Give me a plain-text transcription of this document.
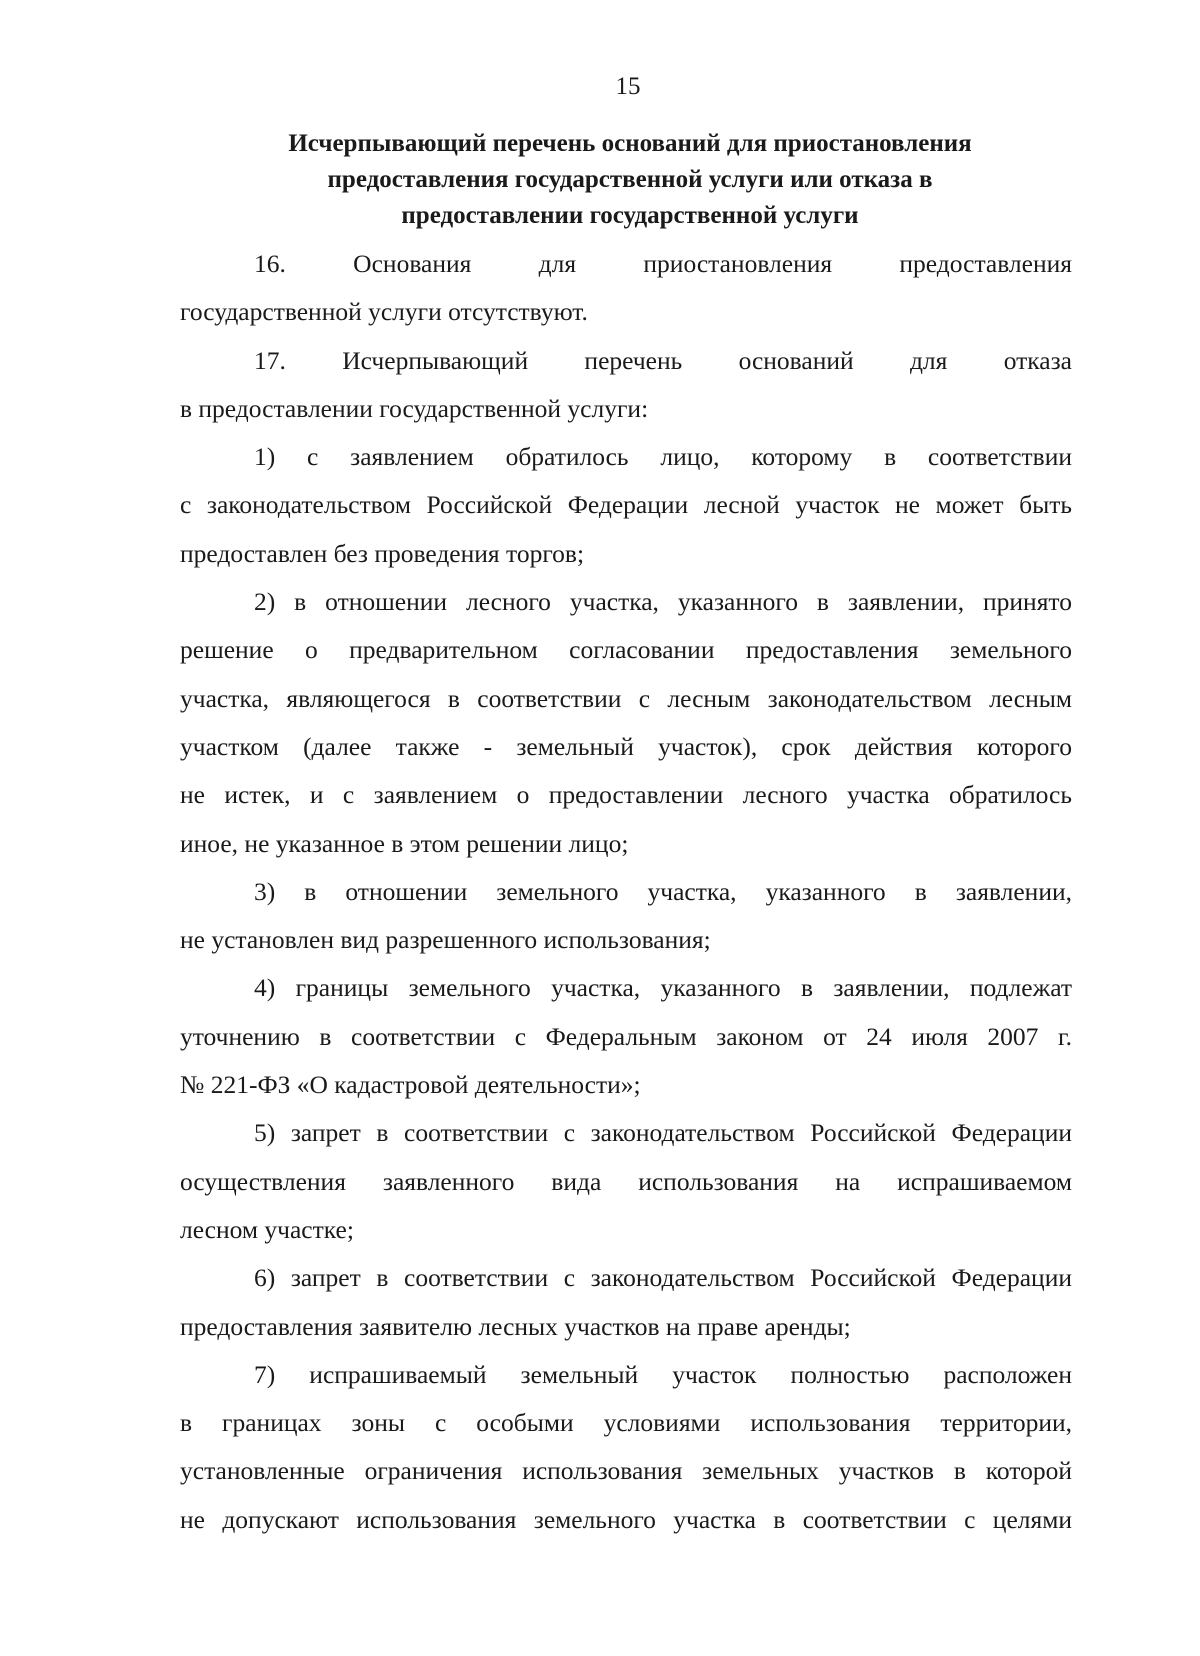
15
Исчерпывающий перечень оснований для приостановления
предоставления государственной услуги или отказа в
предоставлении государственной услуги
16. Основания для приостановления предоставления
государственной услуги отсутствуют.
17. Исчерпывающий перечень оснований для отказа
в предоставлении государственной услуги:
1) с заявлением обратилось лицо, которому в соответствии
с законодательством Российской Федерации лесной участок не может быть
предоставлен без проведения торгов;
2) в отношении лесного участка, указанного в заявлении, принято
решение о предварительном согласовании предоставления земельного
участка, являющегося в соответствии с лесным законодательством лесным
участком (далее также - земельный участок), срок действия которого
не истек, и с заявлением о предоставлении лесного участка обратилось
иное, не указанное в этом решении лицо;
3) в отношении земельного участка, указанного в заявлении,
не установлен вид разрешенного использования;
4) границы земельного участка, указанного в заявлении, подлежат
уточнению в соответствии с Федеральным законом от 24 июля 2007 г.
№ 221-ФЗ «О кадастровой деятельности»;
5) запрет в соответствии с законодательством Российской Федерации
осуществления заявленного вида использования на испрашиваемом
лесном участке;
6) запрет в соответствии с законодательством Российской Федерации
предоставления заявителю лесных участков на праве аренды;
7) испрашиваемый земельный участок полностью расположен
в границах зоны с особыми условиями использования территории,
установленные ограничения использования земельных участков в которой
не допускают использования земельного участка в соответствии с целями
